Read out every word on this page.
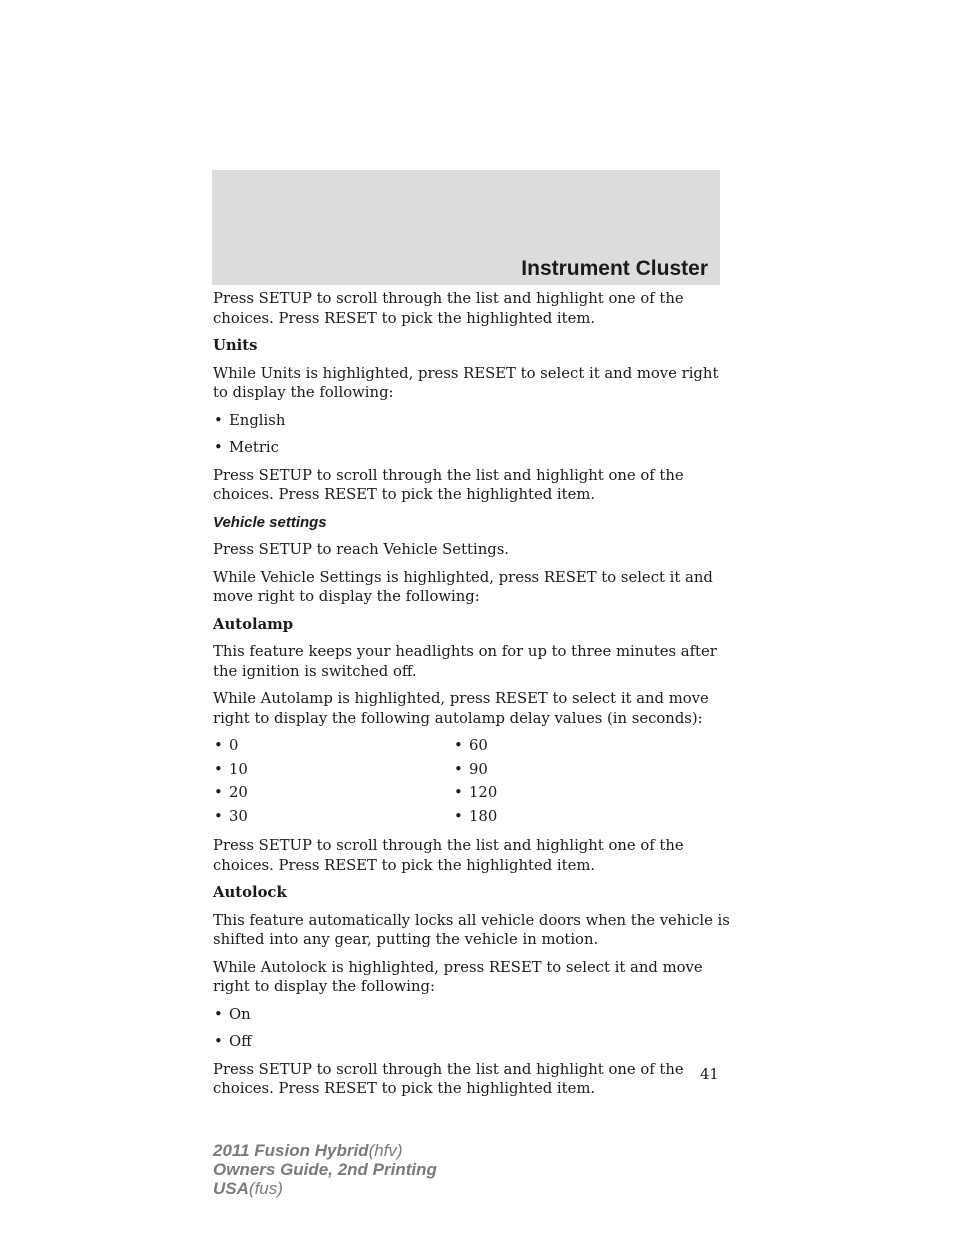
Instrument Cluster

Press SETUP to scroll through the list and highlight one of the choices. Press RESET to pick the highlighted item.

Units

While Units is highlighted, press RESET to select it and move right to display the following:

• English
• Metric

Press SETUP to scroll through the list and highlight one of the choices. Press RESET to pick the highlighted item.

Vehicle settings

Press SETUP to reach Vehicle Settings.

While Vehicle Settings is highlighted, press RESET to select it and move right to display the following:

Autolamp

This feature keeps your headlights on for up to three minutes after the ignition is switched off.

While Autolamp is highlighted, press RESET to select it and move right to display the following autolamp delay values (in seconds):

• 0
• 10
• 20
• 30
• 60
• 90
• 120
• 180

Press SETUP to scroll through the list and highlight one of the choices. Press RESET to pick the highlighted item.

Autolock

This feature automatically locks all vehicle doors when the vehicle is shifted into any gear, putting the vehicle in motion.

While Autolock is highlighted, press RESET to select it and move right to display the following:

• On
• Off

Press SETUP to scroll through the list and highlight one of the choices. Press RESET to pick the highlighted item.

41
2011 Fusion Hybrid(hfv)
Owners Guide, 2nd Printing
USA(fus)
